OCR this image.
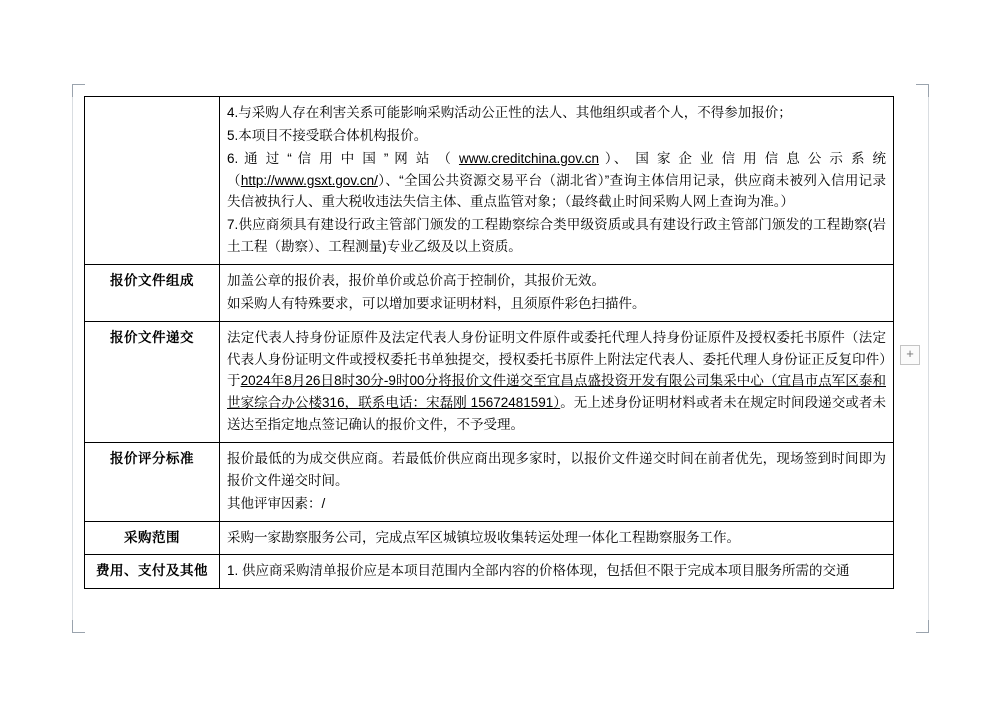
	4.与采购人存在利害关系可能影响采购活动公正性的法人、其他组织或者个人，不得参加报价；

5.本项目不接受联合体机构报价。

6. 通 过 “ 信 用 中 国 ” 网 站 （ www.creditchina.gov.cn ）、 国 家 企 业 信 用 信 息 公 示 系 统（http://www.gsxt.gov.cn/）、“全国公共资源交易平台（湖北省）”查询主体信用记录，供应商未被列入信用记录失信被执行人、重大税收违法失信主体、重点监管对象；（最终截止时间采购人网上查询为准。）

7.供应商须具有建设行政主管部门颁发的工程勘察综合类甲级资质或具有建设行政主管部门颁发的工程勘察(岩土工程（勘察）、工程测量)专业乙级及以上资质。

报价文件组成	加盖公章的报价表，报价单价或总价高于控制价，其报价无效。

如采购人有特殊要求，可以增加要求证明材料，且须原件彩色扫描件。

报价文件递交	法定代表人持身份证原件及法定代表人身份证明文件原件或委托代理人持身份证原件及授权委托书原件（法定代表人身份证明文件或授权委托书单独提交，授权委托书原件上附法定代表人、委托代理人身份证正反复印件）于2024年8月26日8时30分-9时00分将报价文件递交至宜昌点盛投资开发有限公司集采中心（宜昌市点军区泰和世家综合办公楼316，联系电话：宋磊刚 15672481591）。无上述身份证明材料或者未在规定时间段递交或者未送达至指定地点签记确认的报价文件，不予受理。

报价评分标准	报价最低的为成交供应商。若最低价供应商出现多家时，以报价文件递交时间在前者优先，现场签到时间即为报价文件递交时间。

其他评审因素：/

采购范围	采购一家勘察服务公司，完成点军区城镇垃圾收集转运处理一体化工程勘察服务工作。

费用、支付及其他	1. 供应商采购清单报价应是本项目范围内全部内容的价格体现，包括但不限于完成本项目服务所需的交通

+
